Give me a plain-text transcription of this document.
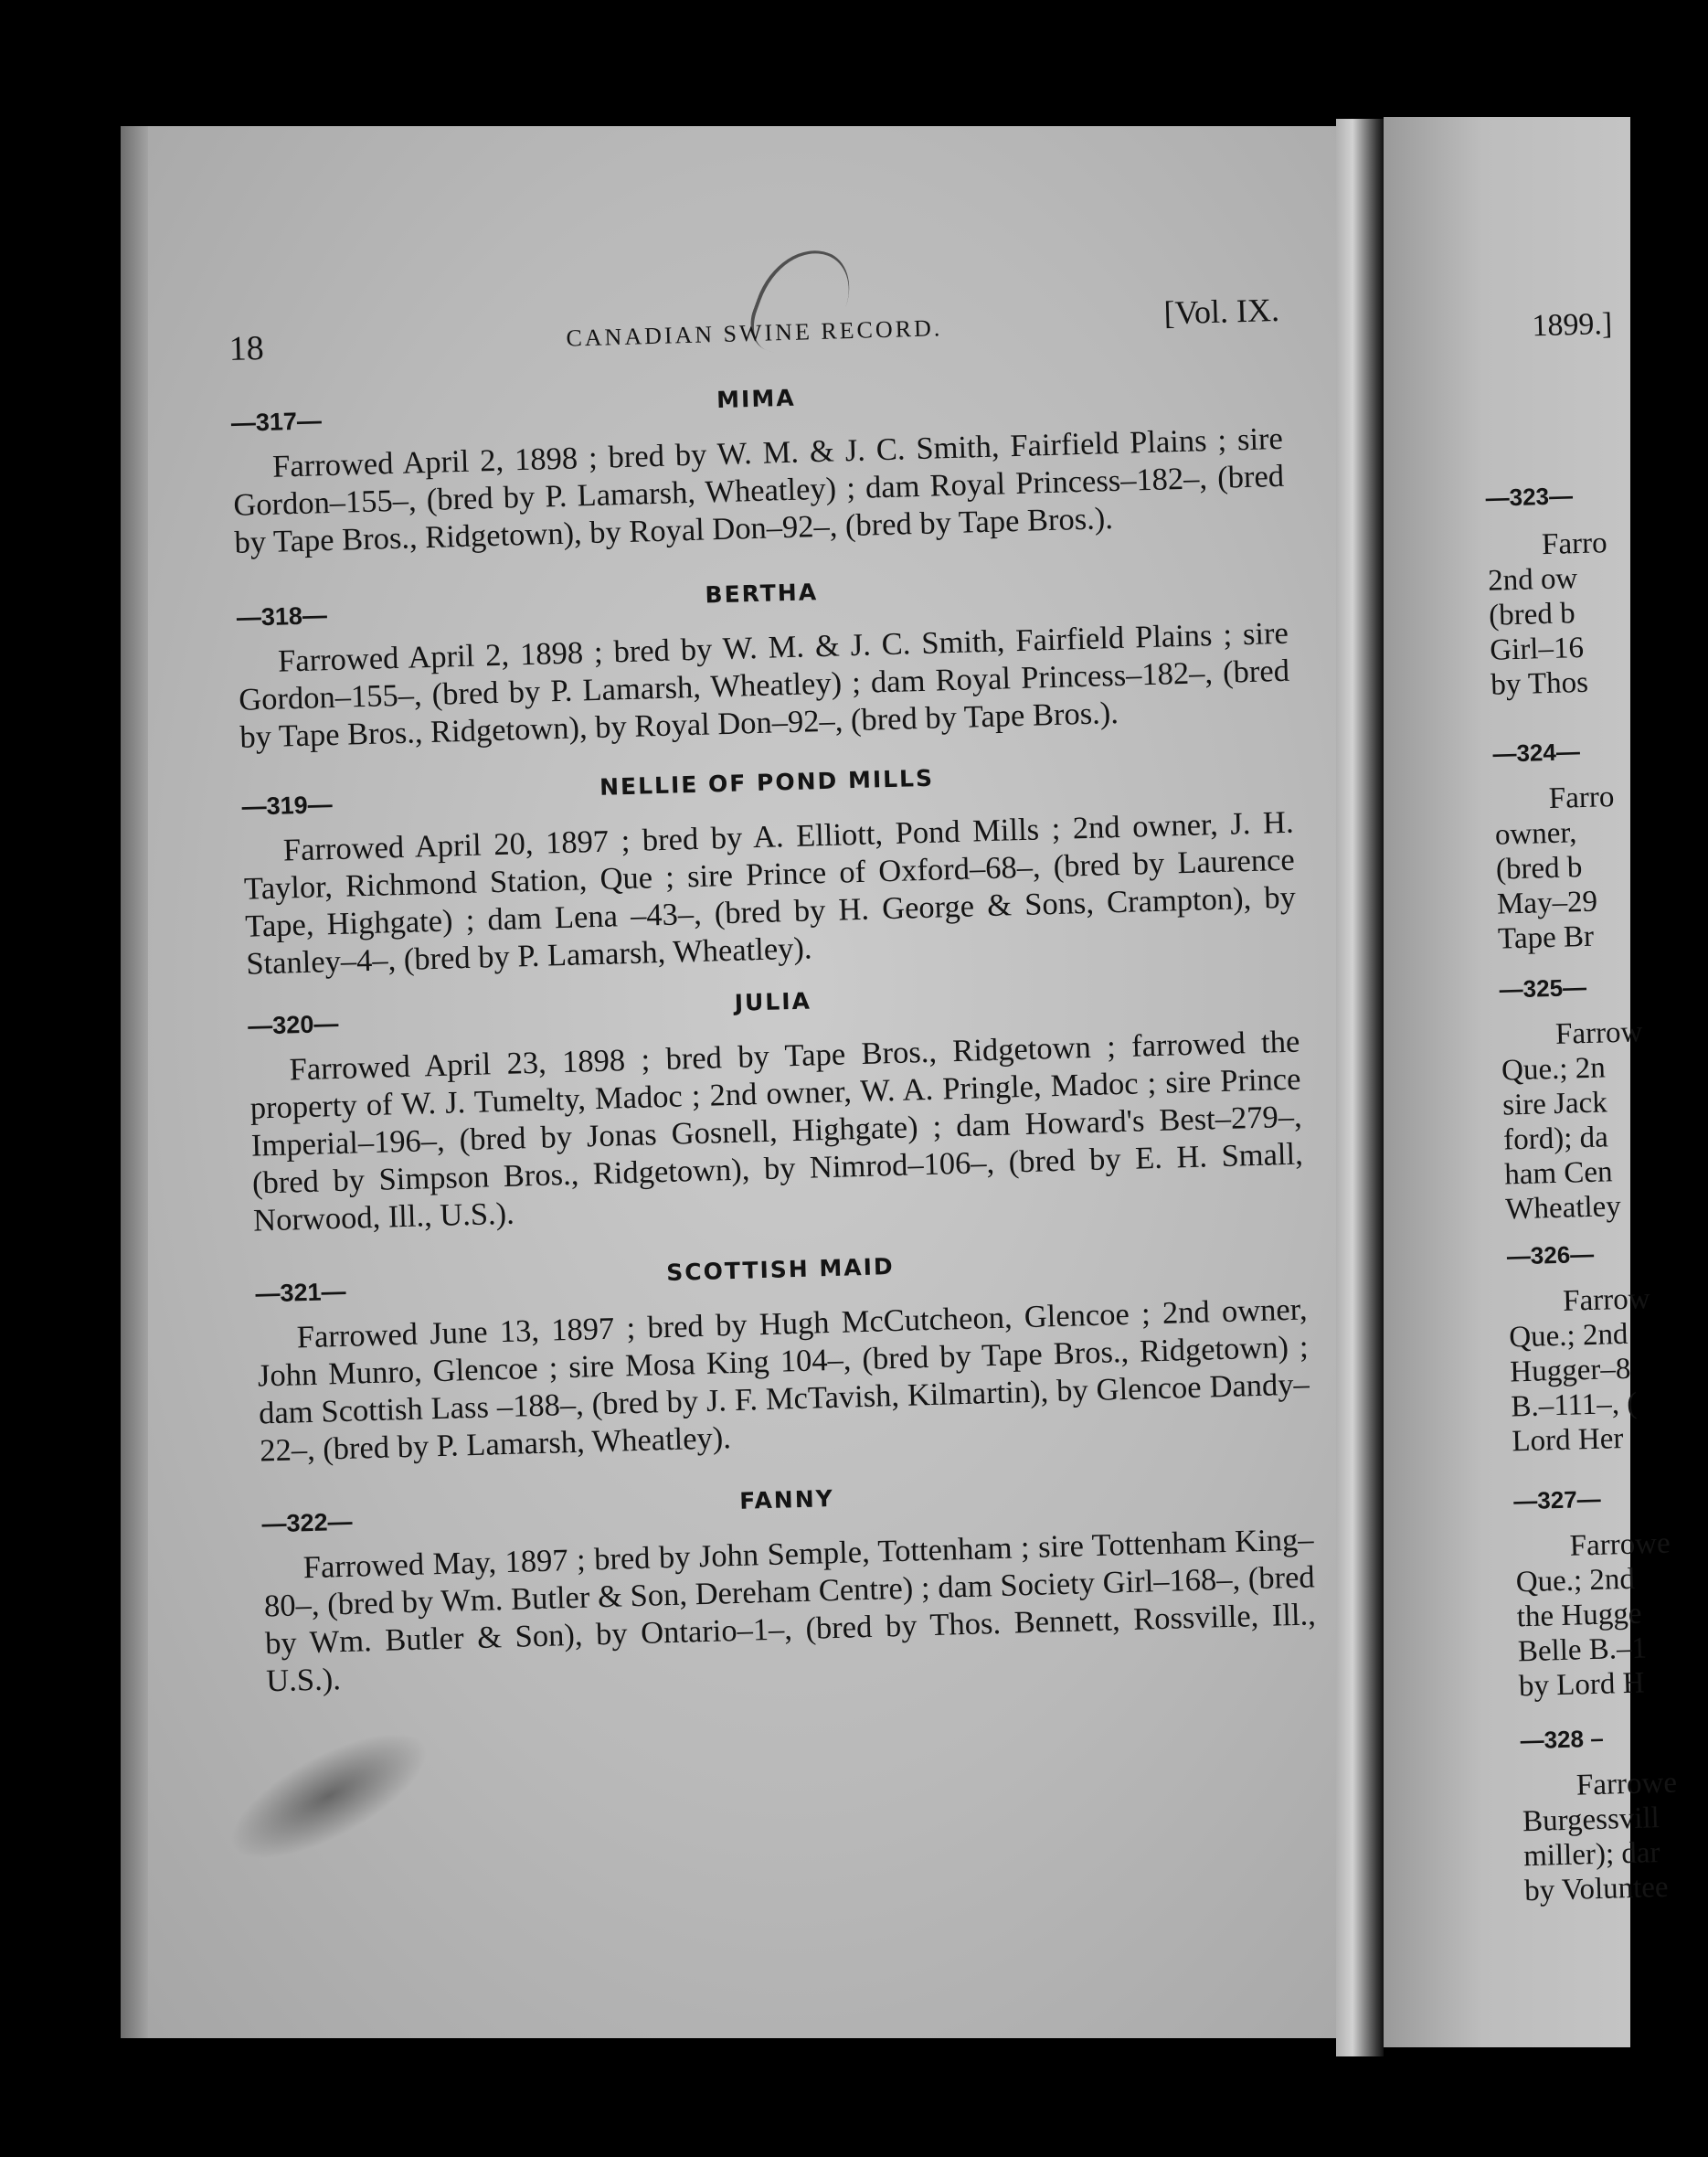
1899.]
—323—
Farro
2nd ow
(bred b
Girl–16
by Thos
—324—
Farro
owner,
(bred b
May–29
Tape Br
—325—
Farrow
Que.; 2n
sire Jack
ford); da
ham Cen
Wheatley
—326—
Farrow
Que.; 2nd
Hugger–8
B.–111–, (
Lord Her
—327—
Farrowe
Que.; 2nd
the Hugge
Belle B.–1
by Lord H
—328 –
Farrowe
Burgessvill
miller); dar
by Voluntee
18	CANADIAN SWINE RECORD.
[Vol. IX.
—317—
MIMA

Farrowed April 2, 1898 ; bred by W. M. & J. C. Smith, Fairfield Plains ; sire Gordon–155–, (bred by P. Lamarsh, Wheatley) ; dam Royal Princess–182–, (bred by Tape Bros., Ridgetown), by Royal Don–92–, (bred by Tape Bros.).

—318—
BERTHA

Farrowed April 2, 1898 ; bred by W. M. & J. C. Smith, Fairfield Plains ; sire Gordon–155–, (bred by P. Lamarsh, Wheatley) ; dam Royal Princess–182–, (bred by Tape Bros., Ridgetown), by Royal Don–92–, (bred by Tape Bros.).

—319—
NELLIE OF POND MILLS

Farrowed April 20, 1897 ; bred by A. Elliott, Pond Mills ; 2nd owner, J. H. Taylor, Richmond Station, Que ; sire Prince of Oxford–68–, (bred by Laurence Tape, Highgate) ; dam Lena –43–, (bred by H. George & Sons, Crampton), by Stanley–4–, (bred by P. Lamarsh, Wheatley).

—320—
JULIA

Farrowed April 23, 1898 ; bred by Tape Bros., Ridgetown ; farrowed the property of W. J. Tumelty, Madoc ; 2nd owner, W. A. Pringle, Madoc ; sire Prince Imperial–196–, (bred by Jonas Gosnell, Highgate) ; dam Howard's Best–279–, (bred by Simpson Bros., Ridgetown), by Nimrod–106–, (bred by E. H. Small, Norwood, Ill., U.S.).

—321—
SCOTTISH MAID

Farrowed June 13, 1897 ; bred by Hugh McCutcheon, Glencoe ; 2nd owner, John Munro, Glencoe ; sire Mosa King 104–, (bred by Tape Bros., Ridgetown) ; dam Scottish Lass –188–, (bred by J. F. McTavish, Kilmartin), by Glencoe Dandy–22–, (bred by P. Lamarsh, Wheatley).

—322—
FANNY

Farrowed May, 1897 ; bred by John Semple, Tottenham ; sire Tottenham King–80–, (bred by Wm. Butler & Son, Dereham Centre) ; dam Society Girl–168–, (bred by Wm. Butler & Son), by Ontario–1–, (bred by Thos. Bennett, Rossville, Ill., U.S.).
